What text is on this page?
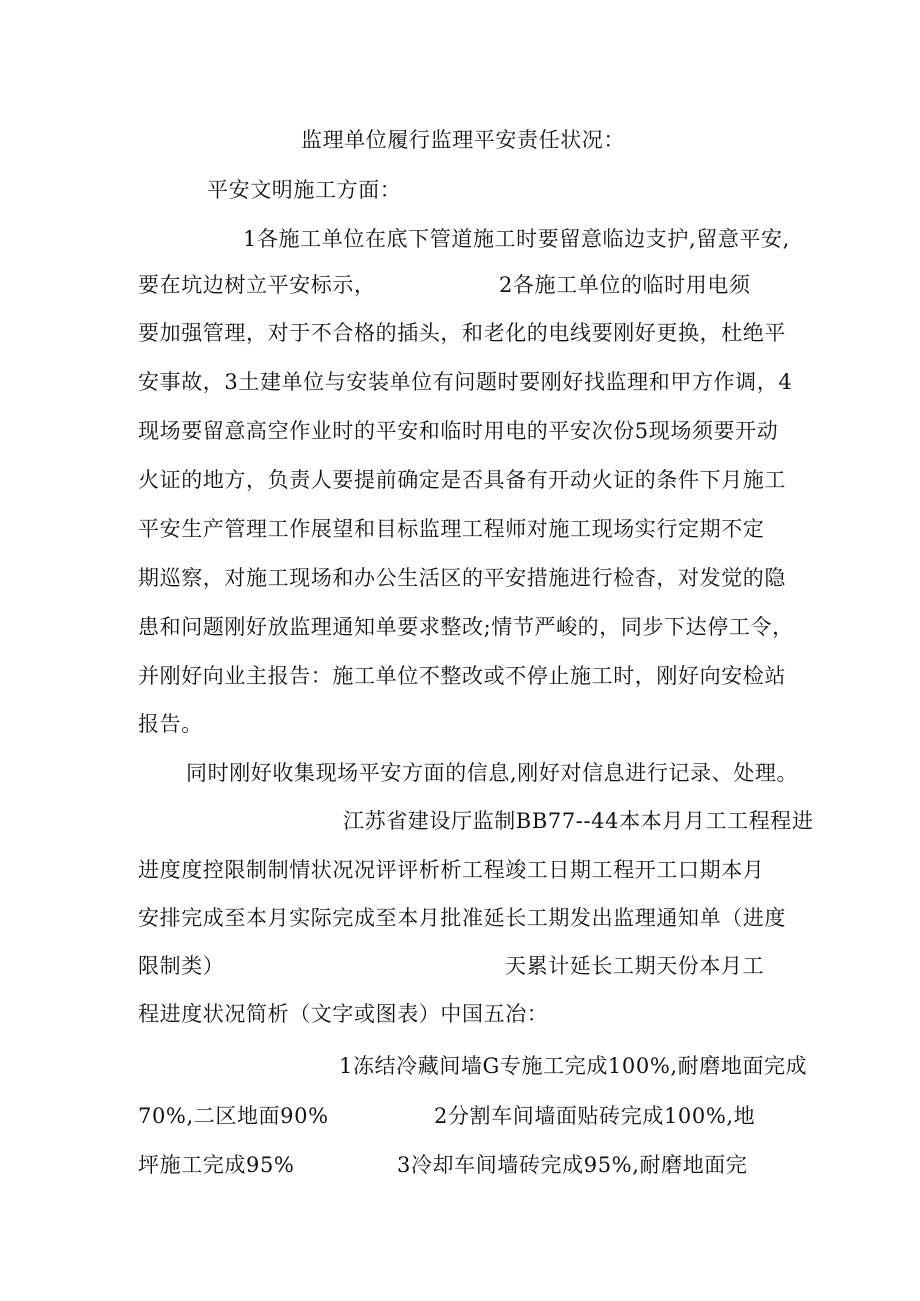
监理单位履行监理平安责任状况：
平安文明施工方面：
1各施工单位在底下管道施工时要留意临边支护,留意平安,
要在坑边树立平安标示，	2各施工单位的临时用电须
要加强管理，对于不合格的插头，和老化的电线要刚好更换，杜绝平
安事故，3土建单位与安装单位有问题时要刚好找监理和甲方作调，4
现场要留意高空作业时的平安和临时用电的平安次份5现场须要开动
火证的地方，负责人要提前确定是否具备有开动火证的条件下月施工
平安生产管理工作展望和目标监理工程师对施工现场实行定期不定
期巡察，对施工现场和办公生活区的平安措施进行检杳，对发觉的隐
患和问题刚好放监理通知单要求整改;情节严峻的，同步下达停工令，
并刚好向业主报告：施工单位不整改或不停止施工时，刚好向安检站
报告。
同时刚好收集现场平安方面的信息,刚好对信息进行记录、处理。
江苏省建设厅监制BB77--44本本月月工工程程进
进度度控限制制情状况况评评析析工程竣工日期工程开工口期本月
安排完成至本月实际完成至本月批准延长工期发出监理通知单（进度
限制类）	天累计延长工期天份本月工
程进度状况简析（文字或图表）中国五冶：
1冻结冷藏间墙G专施工完成100%,耐磨地面完成
70%,二区地面90%	2分割车间墙面贴砖完成100%,地
坪施工完成95%	3冷却车间墙砖完成95%,耐磨地面完
